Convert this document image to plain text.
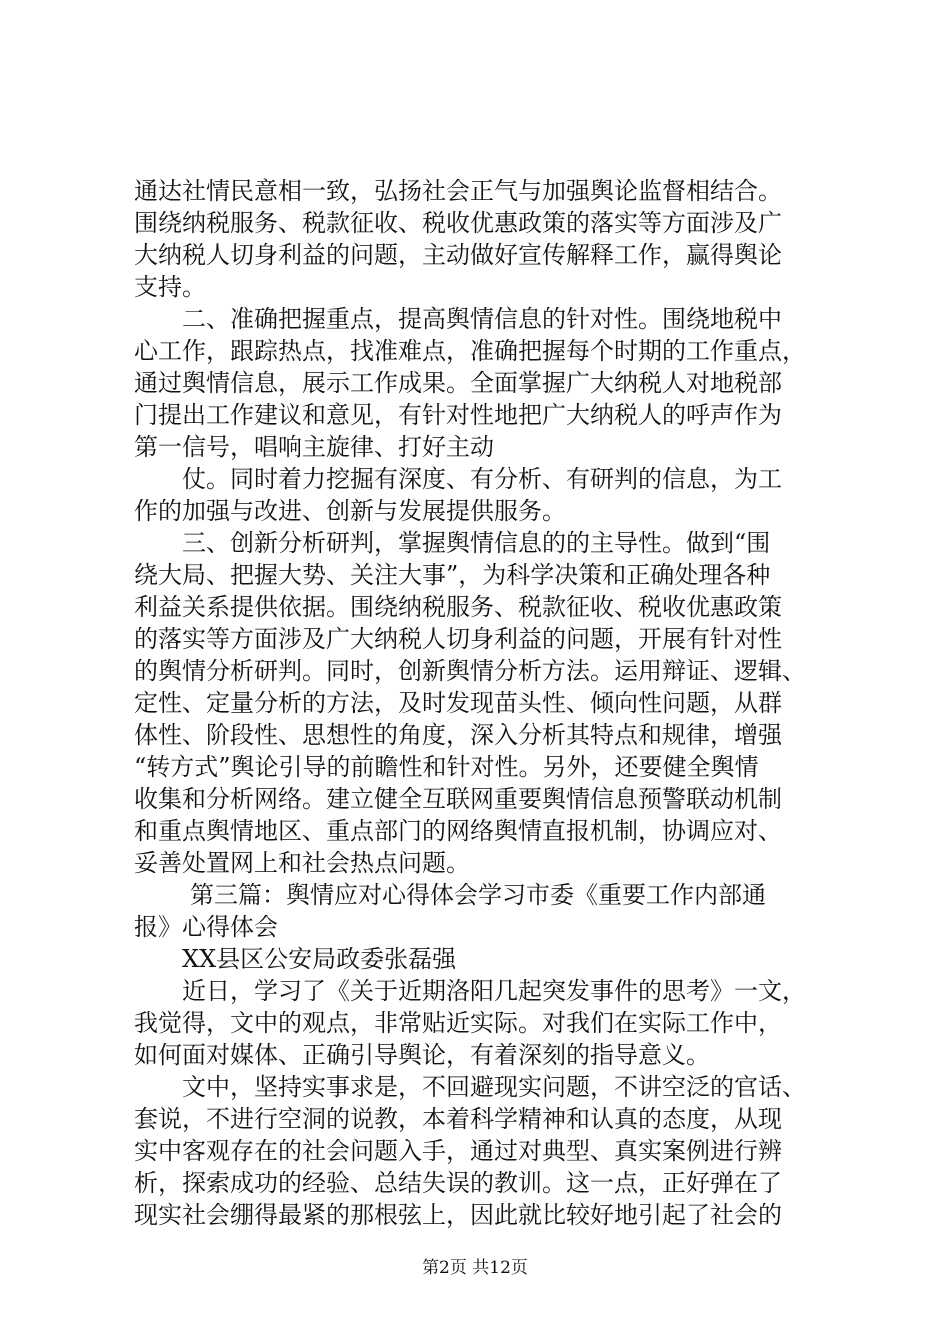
通达社情民意相一致，弘扬社会正气与加强舆论监督相结合。
围绕纳税服务、税款征收、税收优惠政策的落实等方面涉及广
大纳税人切身利益的问题，主动做好宣传解释工作，赢得舆论
支持。
二、准确把握重点，提高舆情信息的针对性。围绕地税中
心工作，跟踪热点，找准难点，准确把握每个时期的工作重点，
通过舆情信息，展示工作成果。全面掌握广大纳税人对地税部
门提出工作建议和意见，有针对性地把广大纳税人的呼声作为
第一信号，唱响主旋律、打好主动
仗。同时着力挖掘有深度、有分析、有研判的信息，为工
作的加强与改进、创新与发展提供服务。
三、创新分析研判，掌握舆情信息的的主导性。做到“围
绕大局、把握大势、关注大事”，为科学决策和正确处理各种
利益关系提供依据。围绕纳税服务、税款征收、税收优惠政策
的落实等方面涉及广大纳税人切身利益的问题，开展有针对性
的舆情分析研判。同时，创新舆情分析方法。运用辩证、逻辑、
定性、定量分析的方法，及时发现苗头性、倾向性问题，从群
体性、阶段性、思想性的角度，深入分析其特点和规律，增强
“转方式”舆论引导的前瞻性和针对性。另外，还要健全舆情
收集和分析网络。建立健全互联网重要舆情信息预警联动机制
和重点舆情地区、重点部门的网络舆情直报机制，协调应对、
妥善处置网上和社会热点问题。
第三篇：舆情应对心得体会学习市委《重要工作内部通
报》心得体会
XX县区公安局政委张磊强
近日，学习了《关于近期洛阳几起突发事件的思考》一文，
我觉得，文中的观点，非常贴近实际。对我们在实际工作中，
如何面对媒体、正确引导舆论，有着深刻的指导意义。
文中，坚持实事求是，不回避现实问题，不讲空泛的官话、
套说，不进行空洞的说教，本着科学精神和认真的态度，从现
实中客观存在的社会问题入手，通过对典型、真实案例进行辨
析，探索成功的经验、总结失误的教训。这一点，正好弹在了
现实社会绷得最紧的那根弦上，因此就比较好地引起了社会的
第2页 共12页
